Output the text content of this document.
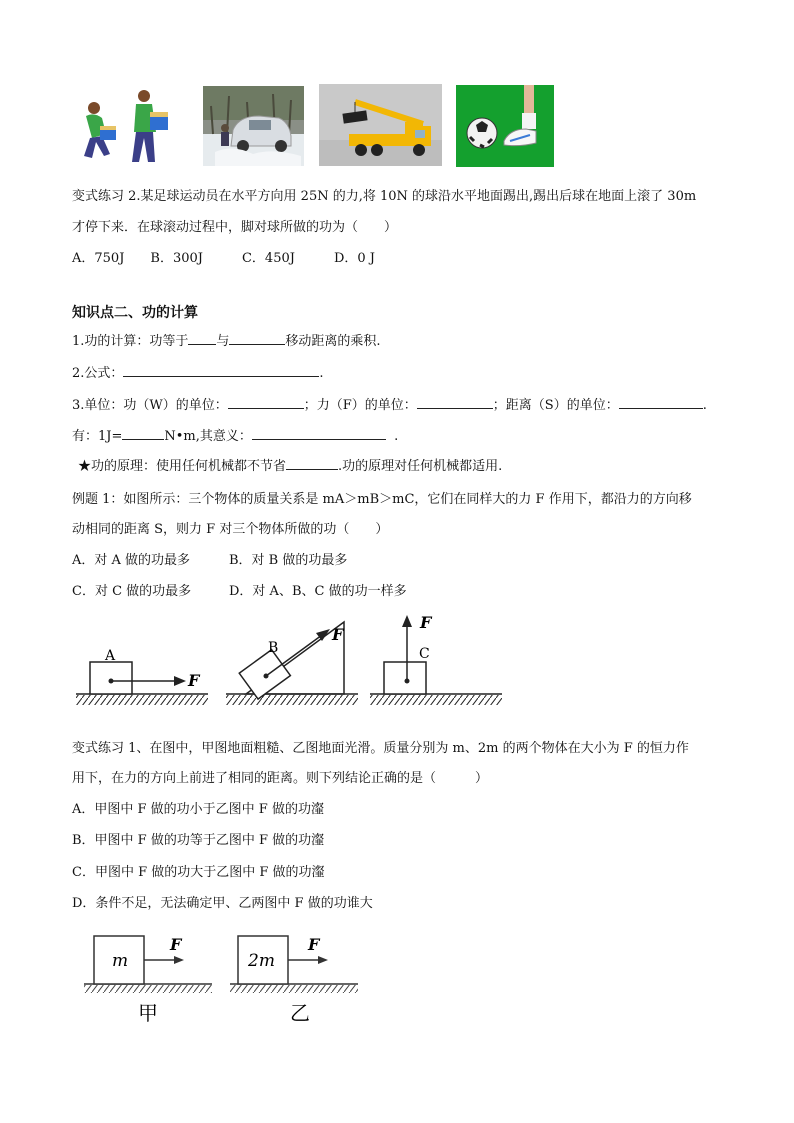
变式练习 2.某足球运动员在水平方向用 25N 的力,将 10N 的球沿水平地面踢出,踢出后球在地面上滚了 30m
才停下来．在球滚动过程中，脚对球所做的功为（　　）
A．750J　　B．300J　　　C．450J　　　D．0 J
知识点二、功的计算
1.功的计算：功等于 与	移动距离的乘积.
2.公式：	.
3.单位：功（W）的单位：	；力（F）的单位：	；距离（S）的单位：	.
有：1J=	N•m,其意义：	.
★功的原理：使用任何机械都不节省	.功的原理对任何机械都适用.
例题 1：如图所示：三个物体的质量关系是 mA＞mB＞mC，它们在同样大的力 F 作用下，都沿力的方向移
动相同的距离 S，则力 F 对三个物体所做的功（　　）
A．对 A 做的功最多	B．对 B 做的功最多
C．对 C 做的功最多	D．对 A、B、C 做的功一样多
A
F
B
F
C
F
变式练习 1、在图中，甲图地面粗糙、乙图地面光滑。质量分别为 m、2m 的两个物体在大小为 F 的恒力作
用下，在力的方向上前进了相同的距离。则下列结论正确的是（　　　）
A．甲图中 F 做的功小于乙图中 F 做的功瀣
B．甲图中 F 做的功等于乙图中 F 做的功瀣
C．甲图中 F 做的功大于乙图中 F 做的功瀣
D．条件不足，无法确定甲、乙两图中 F 做的功谁大
m
F
甲
2m
F
乙
